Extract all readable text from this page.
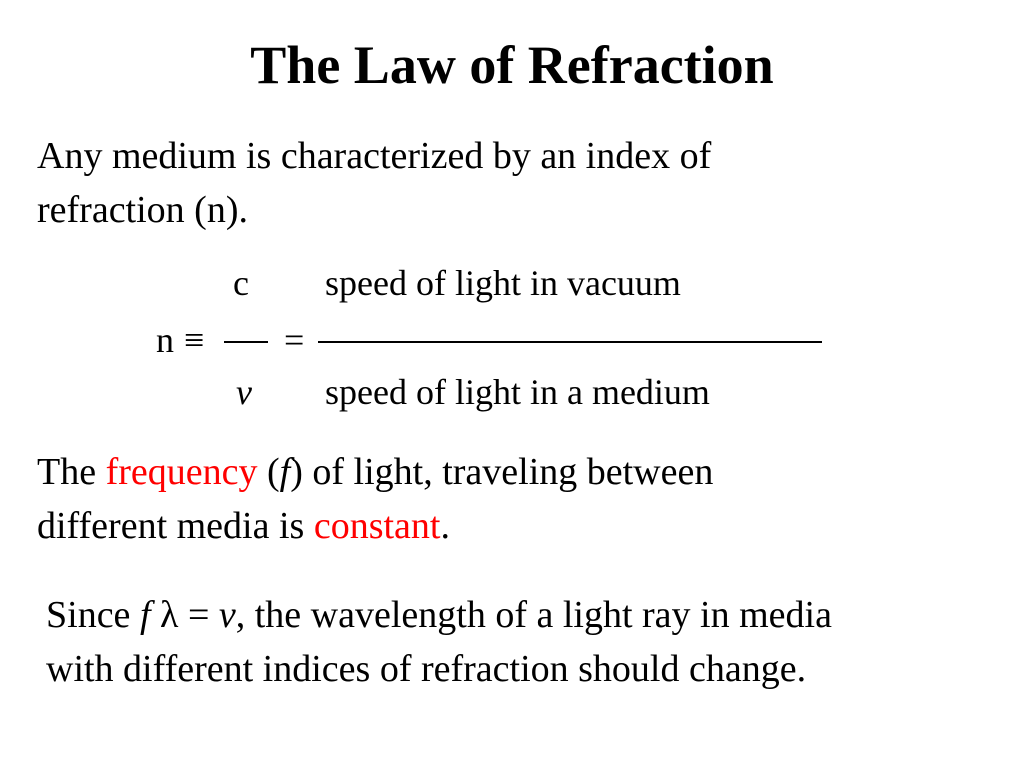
The Law of Refraction
Any medium is characterized by an index of
refraction (n).
c speed of light in vacuum
n ≡ =
v speed of light in a medium
The frequency (f) of light, traveling between
different media is constant.
Since f λ = v, the wavelength of a light ray in media
with different indices of refraction should change.
